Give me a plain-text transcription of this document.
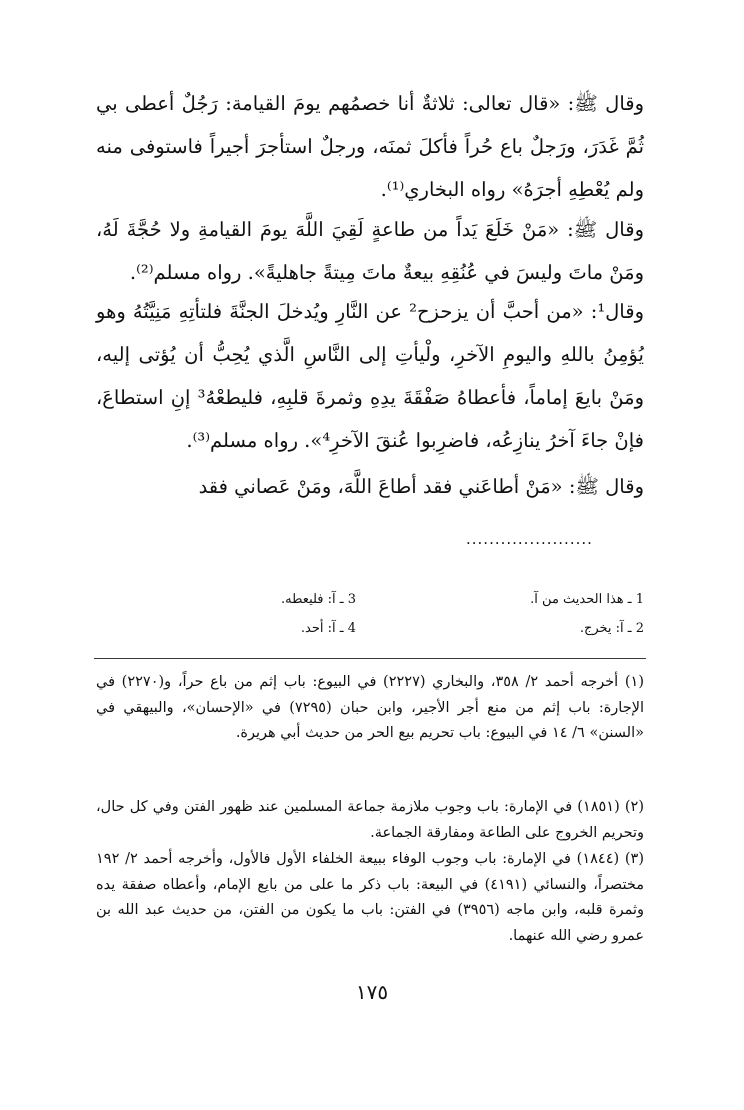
وقال ﷺ: «قال تعالى: ثلاثةٌ أنا خصمُهم يومَ القيامة: رَجُلٌ أعطى بي ثُمَّ غَدَرَ، ورَجلٌ باع حُراً فأكلَ ثمنَه، ورجلٌ استأجرَ أجيراً فاستوفى منه ولم يُعْطِهِ أجرَهُ» رواه البخاري⁽¹⁾.
وقال ﷺ: «مَنْ خَلَعَ يَداً من طاعةٍ لَقِيَ اللَّهَ يومَ القيامةِ ولا حُجَّةَ لَهُ، ومَنْ ماتَ وليسَ في عُنُقِهِ بيعةٌ ماتَ مِيتةً جاهليةً». رواه مسلم⁽²⁾.
وقال¹: «من أحبَّ أن يزحزح² عن النَّارِ ويُدخلَ الجنَّةَ فلتأتِهِ مَنِيَّتُهُ وهو يُؤمِنُ باللهِ واليومِ الآخرِ، ولْيأتِ إلى النَّاسِ الَّذي يُحِبُّ أن يُؤتى إليه، ومَنْ بايعَ إماماً، فأعطاهُ صَفْقَةَ يدِهِ وثمرةَ قلبِهِ، فليطعْهُ³ إنِ استطاعَ، فإنْ جاءَ آخرُ ينازِعُه، فاضرِبوا عُنقَ الآخرِ⁴». رواه مسلم⁽³⁾.
وقال ﷺ: «مَنْ أطاعَني فقد أطاعَ اللَّهَ، ومَنْ عَصاني فقد
......................
1 ـ هذا الحديث من آ.
2 ـ آ: يخرج.
3 ـ آ: فليعطه.
4 ـ آ: أحد.
(١) أخرجه أحمد ٢/ ٣٥٨، والبخاري (٢٢٢٧) في البيوع: باب إثم من باع حراً، و(٢٢٧٠) في الإجارة: باب إثم من منع أجر الأجير، وابن حبان (٧٢٩٥) في «الإحسان»، والبيهقي في «السنن» ٦/ ١٤ في البيوع: باب تحريم بيع الحر من حديث أبي هريرة.
(٢) (١٨٥١) في الإمارة: باب وجوب ملازمة جماعة المسلمين عند ظهور الفتن وفي كل حال، وتحريم الخروج على الطاعة ومفارقة الجماعة.
(٣) (١٨٤٤) في الإمارة: باب وجوب الوفاء ببيعة الخلفاء الأول فالأول، وأخرجه أحمد ٢/ ١٩٢ مختصراً، والنسائي (٤١٩١) في البيعة: باب ذكر ما على من بايع الإمام، وأعطاه صفقة يده وثمرة قلبه، وابن ماجه (٣٩٥٦) في الفتن: باب ما يكون من الفتن، من حديث عبد الله بن عمرو رضي الله عنهما.
١٧٥
